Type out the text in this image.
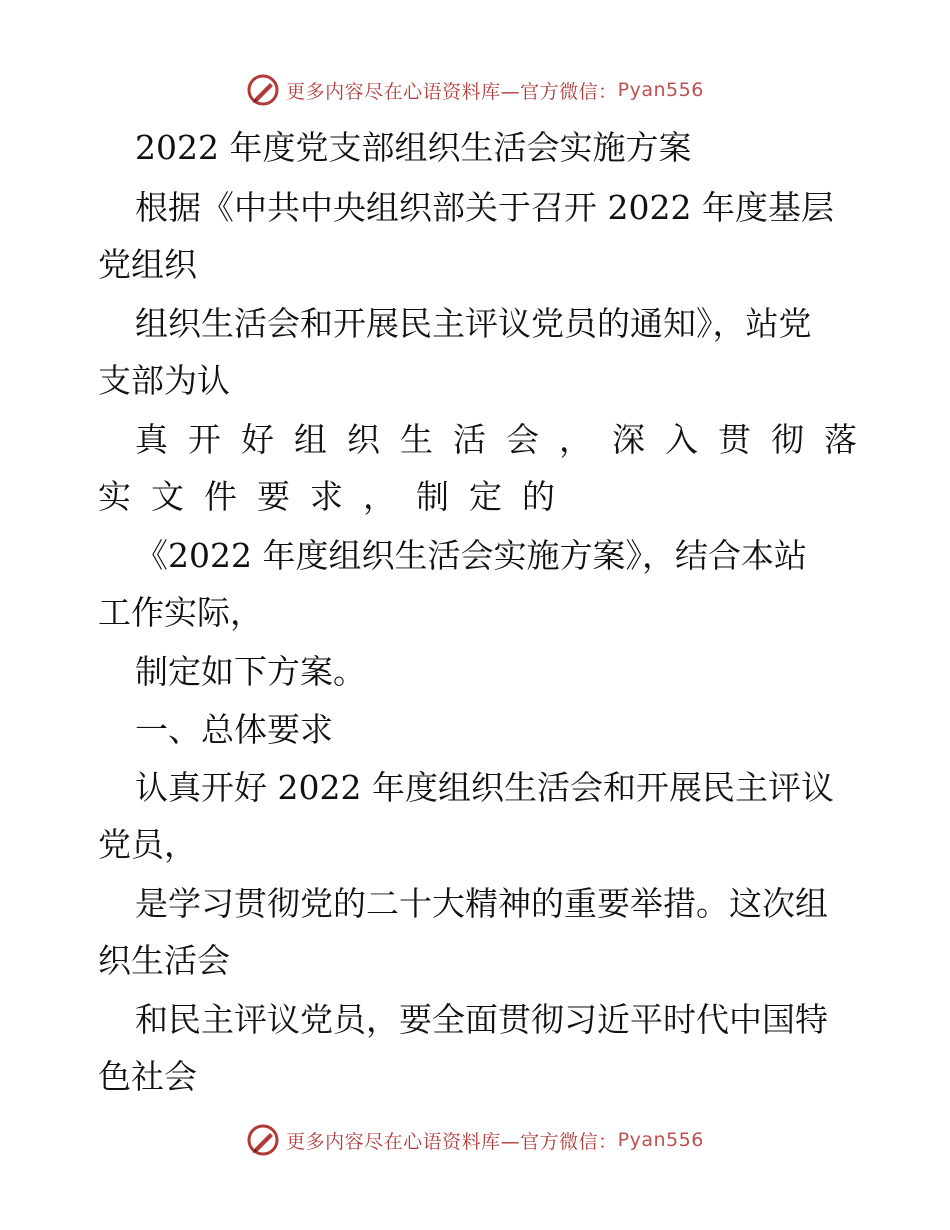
更多内容尽在心语资料库—官方微信： Pyan556
2022 年度党支部组织生活会实施方案
根据《中共中央组织部关于召开 2022 年度基层
党组织
组织生活会和开展民主评议党员的通知》，站党
支部为认
真开好组织生活会，深入贯彻落
实文件要求，制定的
《2022 年度组织生活会实施方案》，结合本站
工作实际，
制定如下方案。
一、总体要求
认真开好 2022 年度组织生活会和开展民主评议
党员，
是学习贯彻党的二十大精神的重要举措。这次组
织生活会
和民主评议党员，要全面贯彻习近平时代中国特
色社会
更多内容尽在心语资料库—官方微信： Pyan556
